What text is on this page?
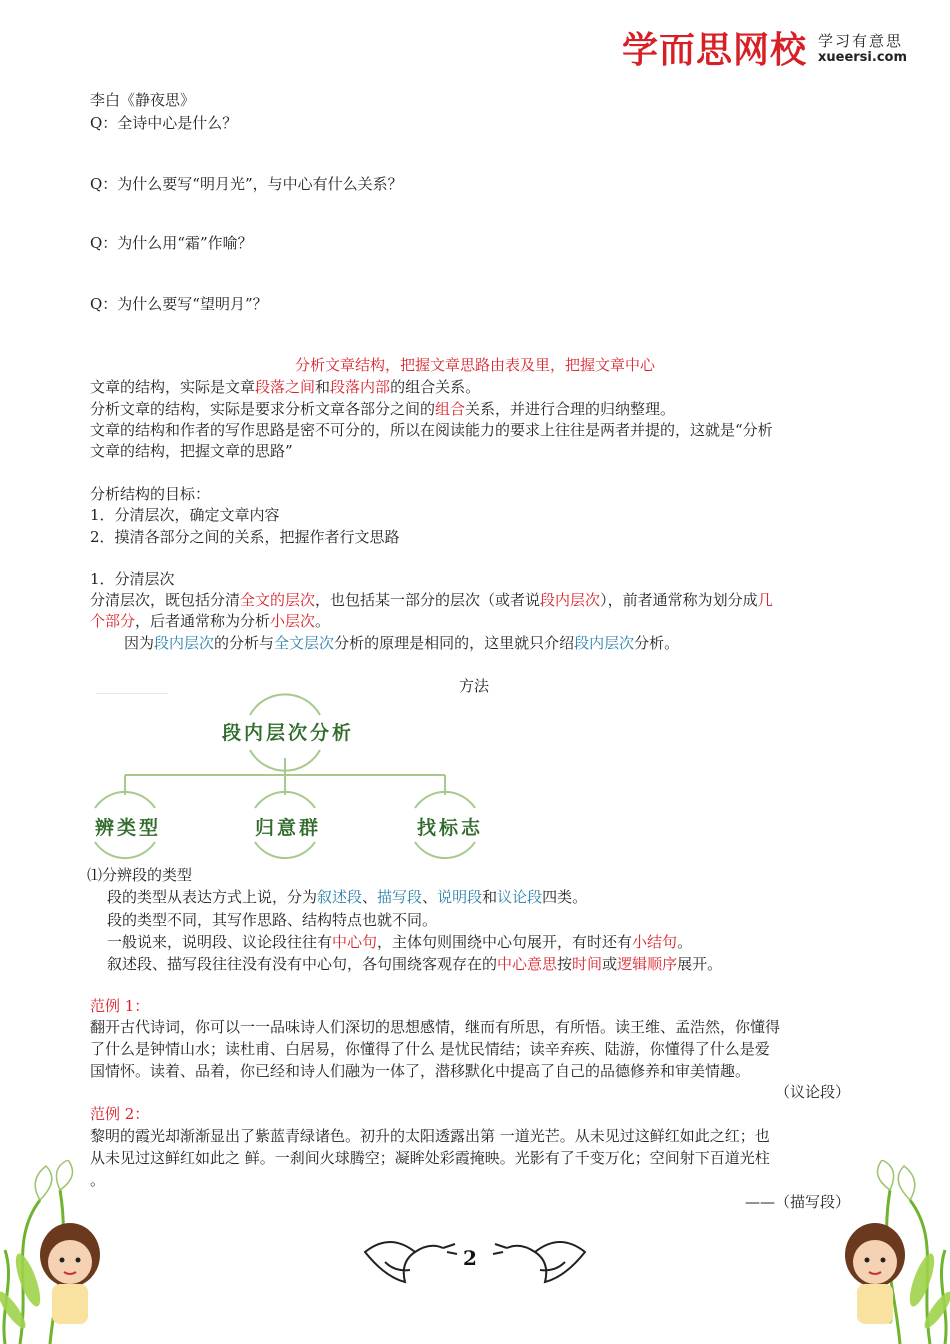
学而思网校 学习有意思
xueersi.com
李白《静夜思》
Q：全诗中心是什么？
Q：为什么要写“明月光”，与中心有什么关系？
Q：为什么用“霜”作喻？
Q：为什么要写“望明月”？
分析文章结构，把握文章思路由表及里，把握文章中心
文章的结构，实际是文章段落之间和段落内部的组合关系。
分析文章的结构，实际是要求分析文章各部分之间的组合关系，并进行合理的归纳整理。
文章的结构和作者的写作思路是密不可分的，所以在阅读能力的要求上往往是两者并提的，这就是“分析
文章的结构，把握文章的思路”
分析结构的目标：
1．分清层次，确定文章内容
2．摸清各部分之间的关系，把握作者行文思路
1．分清层次
分清层次，既包括分清全文的层次，也包括某一部分的层次（或者说段内层次），前者通常称为划分成几
个部分，后者通常称为分析小层次。
因为段内层次的分析与全文层次分析的原理是相同的，这里就只介绍段内层次分析。
方法
段内层次分析
辨类型	归意群	找标志
⑴分辨段的类型
段的类型从表达方式上说，分为叙述段、描写段、说明段和议论段四类。
段的类型不同，其写作思路、结构特点也就不同。
一般说来，说明段、议论段往往有中心句，主体句则围绕中心句展开，有时还有小结句。
叙述段、描写段往往没有没有中心句，各句围绕客观存在的中心意思按时间或逻辑顺序展开。
范例 1：
翻开古代诗词，你可以一一品味诗人们深切的思想感情，继而有所思，有所悟。读王维、孟浩然，你懂得
了什么是钟情山水；读杜甫、白居易，你懂得了什么 是忧民情结；读辛弃疾、陆游，你懂得了什么是爱
国情怀。读着、品着，你已经和诗人们融为一体了，潜移默化中提高了自己的品德修养和审美情趣。
（议论段）
范例 2：
黎明的霞光却渐渐显出了紫蓝青绿诸色。初升的太阳透露出第 一道光芒。从未见过这鲜红如此之红；也
从未见过这鲜红如此之 鲜。一刹间火球腾空；凝眸处彩霞掩映。光影有了千变万化；空间射下百道光柱
。
——（描写段）
2
